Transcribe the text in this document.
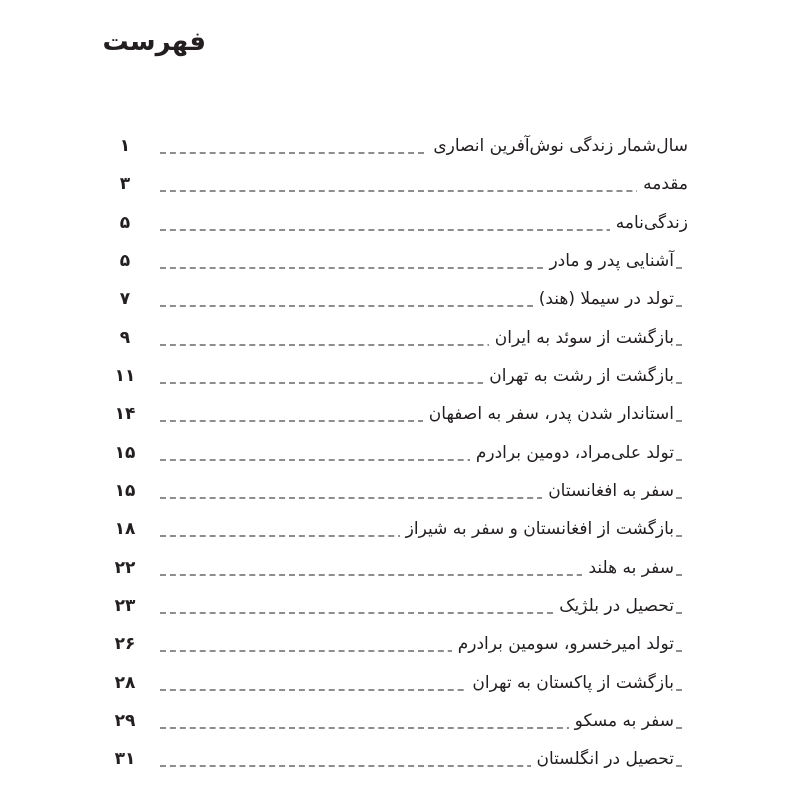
فهرست
سال‌شمار زندگی نوش‌آفرین انصاری
۱
مقدمه
۳
زندگی‌نامه
۵
آشنایی پدر و مادر
۵
تولد در سیملا (هند)
۷
بازگشت از سوئد به ایران
۹
بازگشت از رشت به تهران
۱۱
استاندار شدن پدر، سفر به اصفهان
۱۴
تولد علی‌مراد، دومین برادرم
۱۵
سفر به افغانستان
۱۵
بازگشت از افغانستان و سفر به شیراز
۱۸
سفر به هلند
۲۲
تحصیل در بلژیک
۲۳
تولد امیرخسرو، سومین برادرم
۲۶
بازگشت از پاکستان به تهران
۲۸
سفر به مسکو
۲۹
تحصیل در انگلستان
۳۱
